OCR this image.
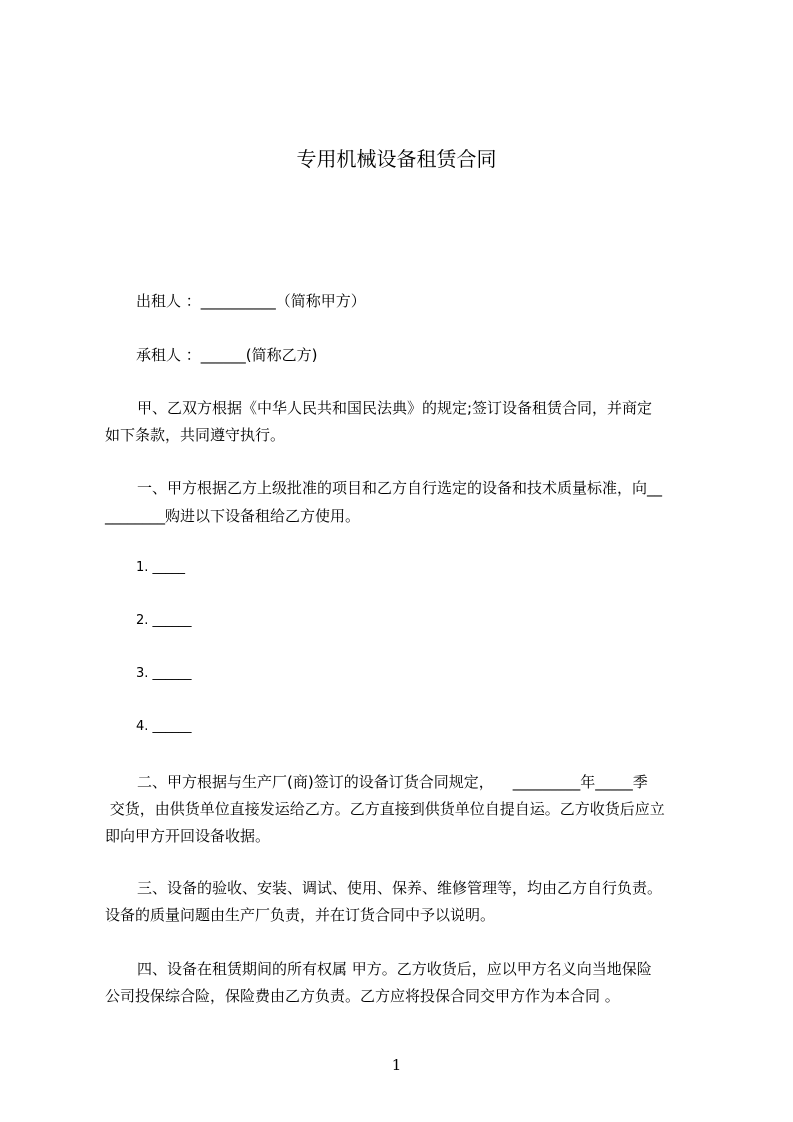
专用机械设备租赁合同
出租人 ：__________（简称甲方）
承租人 ：______(简称乙方)
甲、乙双方根据《中华人民共和国民法典》的规定;签订设备租赁合同，并商定
如下条款，共同遵守执行。
一、甲方根据乙方上级批准的项目和乙方自行选定的设备和技术质量标准，向__
________购进以下设备租给乙方使用。
1. _____
2. ______
3. ______
4. ______
二、甲方根据与生产厂(商)签订的设备订货合同规定，    _________年_____季
交货，由供货单位直接发运给乙方。乙方直接到供货单位自提自运。乙方收货后应立
即向甲方开回设备收据。
三、设备的验收、安装、调试、使用、保养、维修管理等，均由乙方自行负责。
设备的质量问题由生产厂负责，并在订货合同中予以说明。
四、设备在租赁期间的所有权属 甲方。乙方收货后，应以甲方名义向当地保险
公司投保综合险，保险费由乙方负责。乙方应将投保合同交甲方作为本合同 。
1
